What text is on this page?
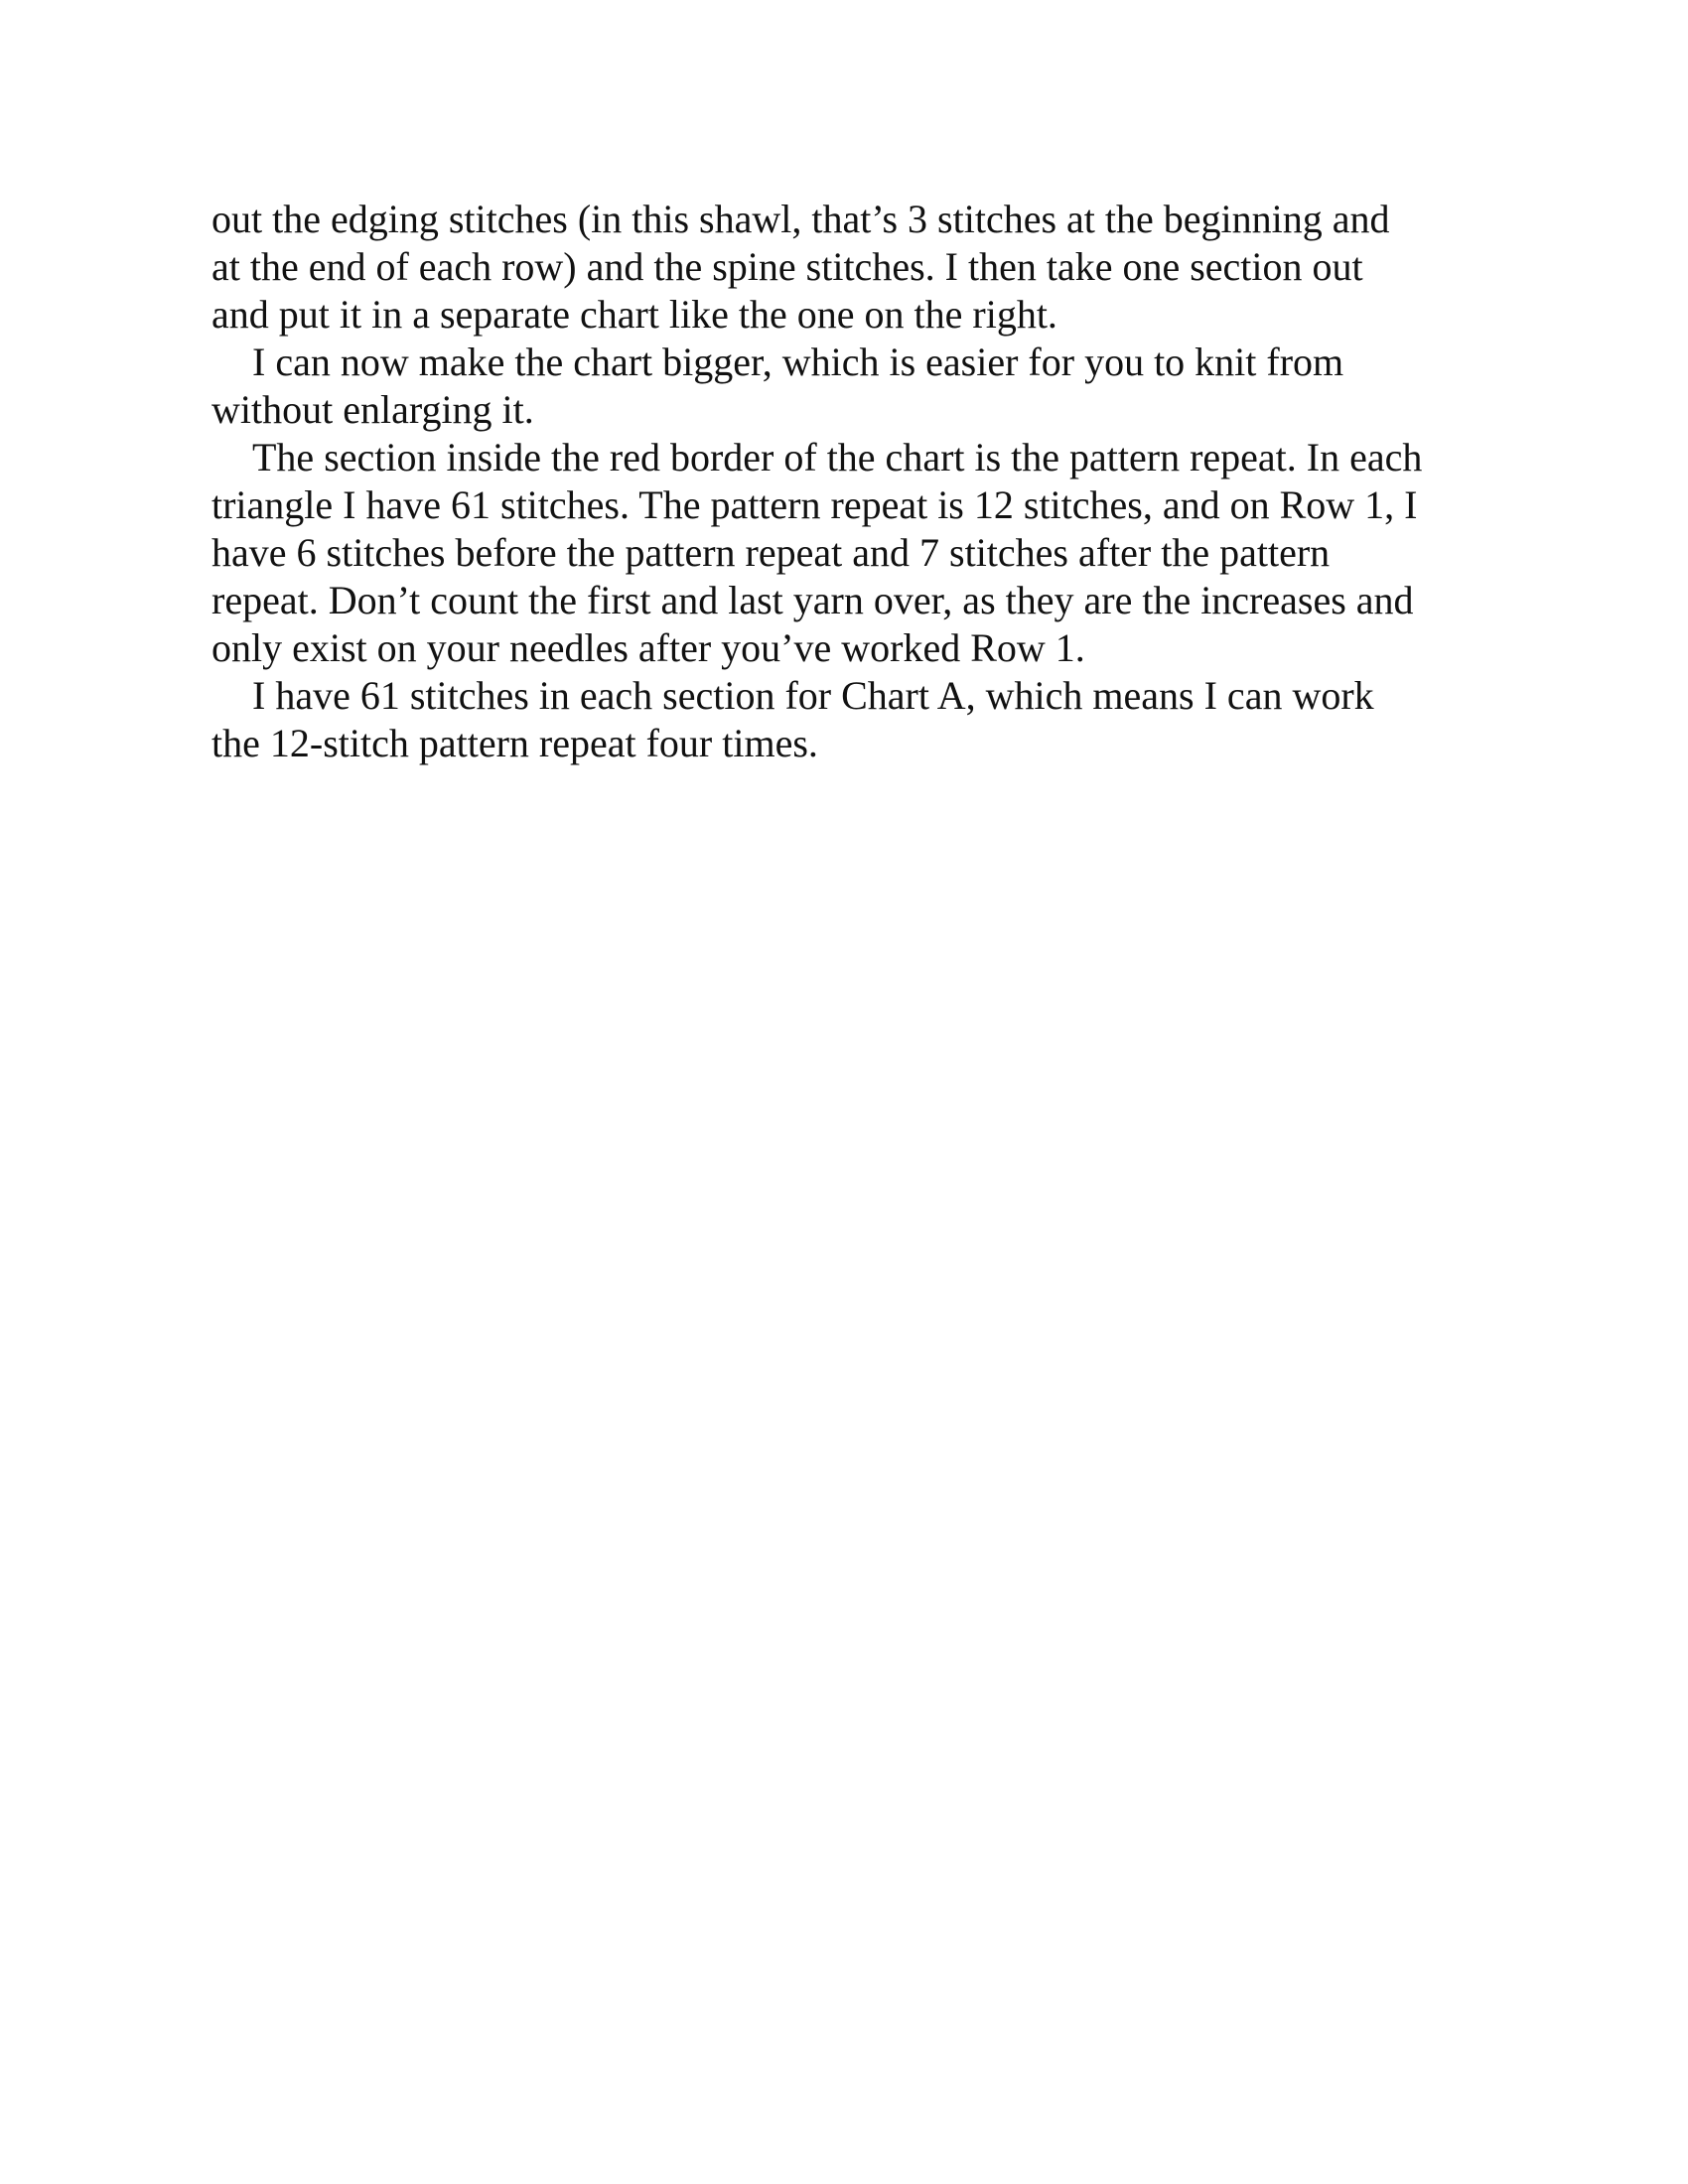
out the edging stitches (in this shawl, that’s 3 stitches at the beginning and
at the end of each row) and the spine stitches. I then take one section out
and put it in a separate chart like the one on the right.

I can now make the chart bigger, which is easier for you to knit from
without enlarging it.

The section inside the red border of the chart is the pattern repeat. In each
triangle I have 61 stitches. The pattern repeat is 12 stitches, and on Row 1, I
have 6 stitches before the pattern repeat and 7 stitches after the pattern
repeat. Don’t count the first and last yarn over, as they are the increases and
only exist on your needles after you’ve worked Row 1.

I have 61 stitches in each section for Chart A, which means I can work
the 12-stitch pattern repeat four times.
